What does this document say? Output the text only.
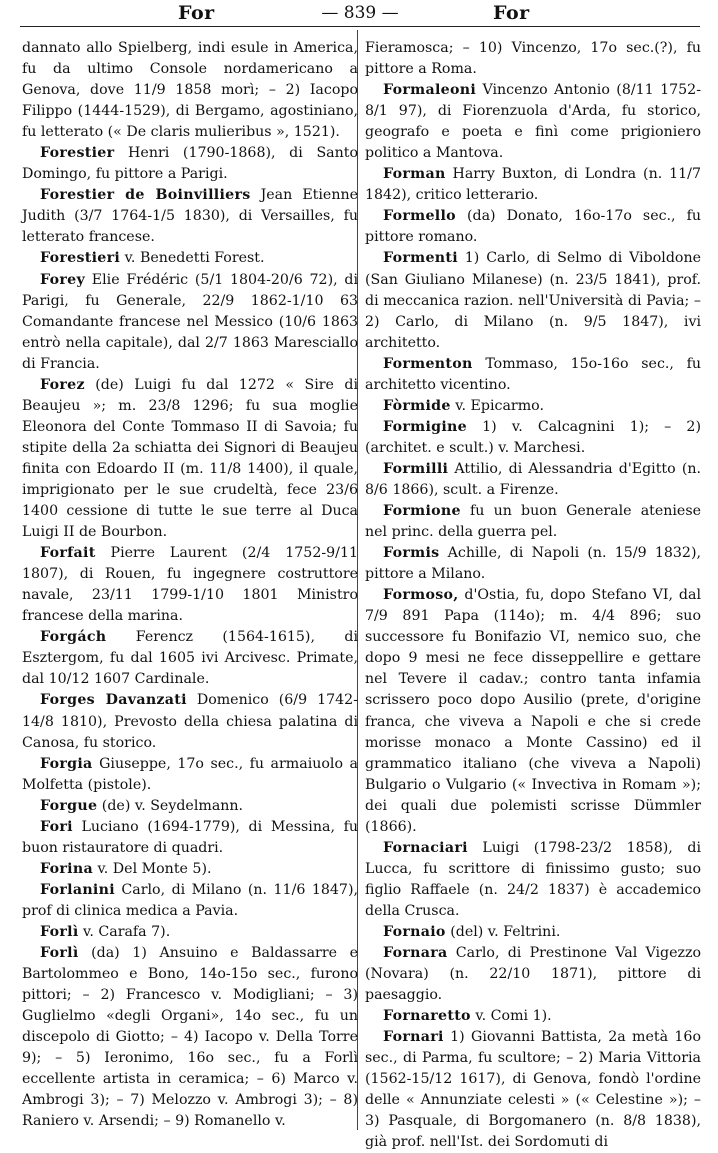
For	— 839 —	For

dannato allo Spielberg, indi esule in America, fu da ultimo Console nordamericano a Genova, dove 11/9 1858 morì; – 2) Iacopo Filippo (1444-1529), di Bergamo, agostiniano, fu letterato (« De claris mulieribus », 1521).

Forestier Henri (1790-1868), di Santo Domingo, fu pittore a Parigi.

Forestier de Boinvilliers Jean Etienne Judith (3/7 1764-1/5 1830), di Versailles, fu letterato francese.

Forestieri v. Benedetti Forest.

Forey Elie Frédéric (5/1 1804-20/6 72), di Parigi, fu Generale, 22/9 1862-1/10 63 Comandante francese nel Messico (10/6 1863 entrò nella capitale), dal 2/7 1863 Maresciallo di Francia.

Forez (de) Luigi fu dal 1272 « Sire di Beaujeu »; m. 23/8 1296; fu sua moglie Eleonora del Conte Tommaso II di Savoia; fu stipite della 2a schiatta dei Signori di Beaujeu finita con Edoardo II (m. 11/8 1400), il quale, imprigionato per le sue crudeltà, fece 23/6 1400 cessione di tutte le sue terre al Duca Luigi II de Bourbon.

Forfait Pierre Laurent (2/4 1752-9/11 1807), di Rouen, fu ingegnere costruttore navale, 23/11 1799-1/10 1801 Ministro francese della marina.

Forgách Ferencz (1564-1615), di Esztergom, fu dal 1605 ivi Arcivesc. Primate, dal 10/12 1607 Cardinale.

Forges Davanzati Domenico (6/9 1742-14/8 1810), Prevosto della chiesa palatina di Canosa, fu storico.

Forgia Giuseppe, 17o sec., fu armaiuolo a Molfetta (pistole).

Forgue (de) v. Seydelmann.

Fori Luciano (1694-1779), di Messina, fu buon ristauratore di quadri.

Forina v. Del Monte 5).

Forlanini Carlo, di Milano (n. 11/6 1847), prof di clinica medica a Pavia.

Forlì v. Carafa 7).

Forlì (da) 1) Ansuino e Baldassarre e Bartolommeo e Bono, 14o-15o sec., furono pittori; – 2) Francesco v. Modigliani; – 3) Guglielmo «degli Organi», 14o sec., fu un discepolo di Giotto; – 4) Iacopo v. Della Torre 9); – 5) Ieronimo, 16o sec., fu a Forlì eccellente artista in ceramica; – 6) Marco v. Ambrogi 3); – 7) Melozzo v. Ambrogi 3); – 8) Raniero v. Arsendi; – 9) Romanello v.

Fieramosca; – 10) Vincenzo, 17o sec.(?), fu pittore a Roma.

Formaleoni Vincenzo Antonio (8/11 1752-8/1 97), di Fiorenzuola d'Arda, fu storico, geografo e poeta e finì come prigioniero politico a Mantova.

Forman Harry Buxton, di Londra (n. 11/7 1842), critico letterario.

Formello (da) Donato, 16o-17o sec., fu pittore romano.

Formenti 1) Carlo, di Selmo di Viboldone (San Giuliano Milanese) (n. 23/5 1841), prof. di meccanica razion. nell'Università di Pavia; – 2) Carlo, di Milano (n. 9/5 1847), ivi architetto.

Formenton Tommaso, 15o-16o sec., fu architetto vicentino.

Fòrmide v. Epicarmo.

Formigine 1) v. Calcagnini 1); – 2) (architet. e scult.) v. Marchesi.

Formilli Attilio, di Alessandria d'Egitto (n. 8/6 1866), scult. a Firenze.

Formione fu un buon Generale ateniese nel princ. della guerra pel.

Formis Achille, di Napoli (n. 15/9 1832), pittore a Milano.

Formoso, d'Ostia, fu, dopo Stefano VI, dal 7/9 891 Papa (114o); m. 4/4 896; suo successore fu Bonifazio VI, nemico suo, che dopo 9 mesi ne fece disseppellire e gettare nel Tevere il cadav.; contro tanta infamia scrissero poco dopo Ausilio (prete, d'origine franca, che viveva a Napoli e che si crede morisse monaco a Monte Cassino) ed il grammatico italiano (che viveva a Napoli) Bulgario o Vulgario (« Invectiva in Romam »); dei quali due polemisti scrisse Dümmler (1866).

Fornaciari Luigi (1798-23/2 1858), di Lucca, fu scrittore di finissimo gusto; suo figlio Raffaele (n. 24/2 1837) è accademico della Crusca.

Fornaio (del) v. Feltrini.

Fornara Carlo, di Prestinone Val Vigezzo (Novara) (n. 22/10 1871), pittore di paesaggio.

Fornaretto v. Comi 1).

Fornari 1) Giovanni Battista, 2a metà 16o sec., di Parma, fu scultore; – 2) Maria Vittoria (1562-15/12 1617), di Genova, fondò l'ordine delle « Annunziate celesti » (« Celestine »); – 3) Pasquale, di Borgomanero (n. 8/8 1838), già prof. nell'Ist. dei Sordomuti di
